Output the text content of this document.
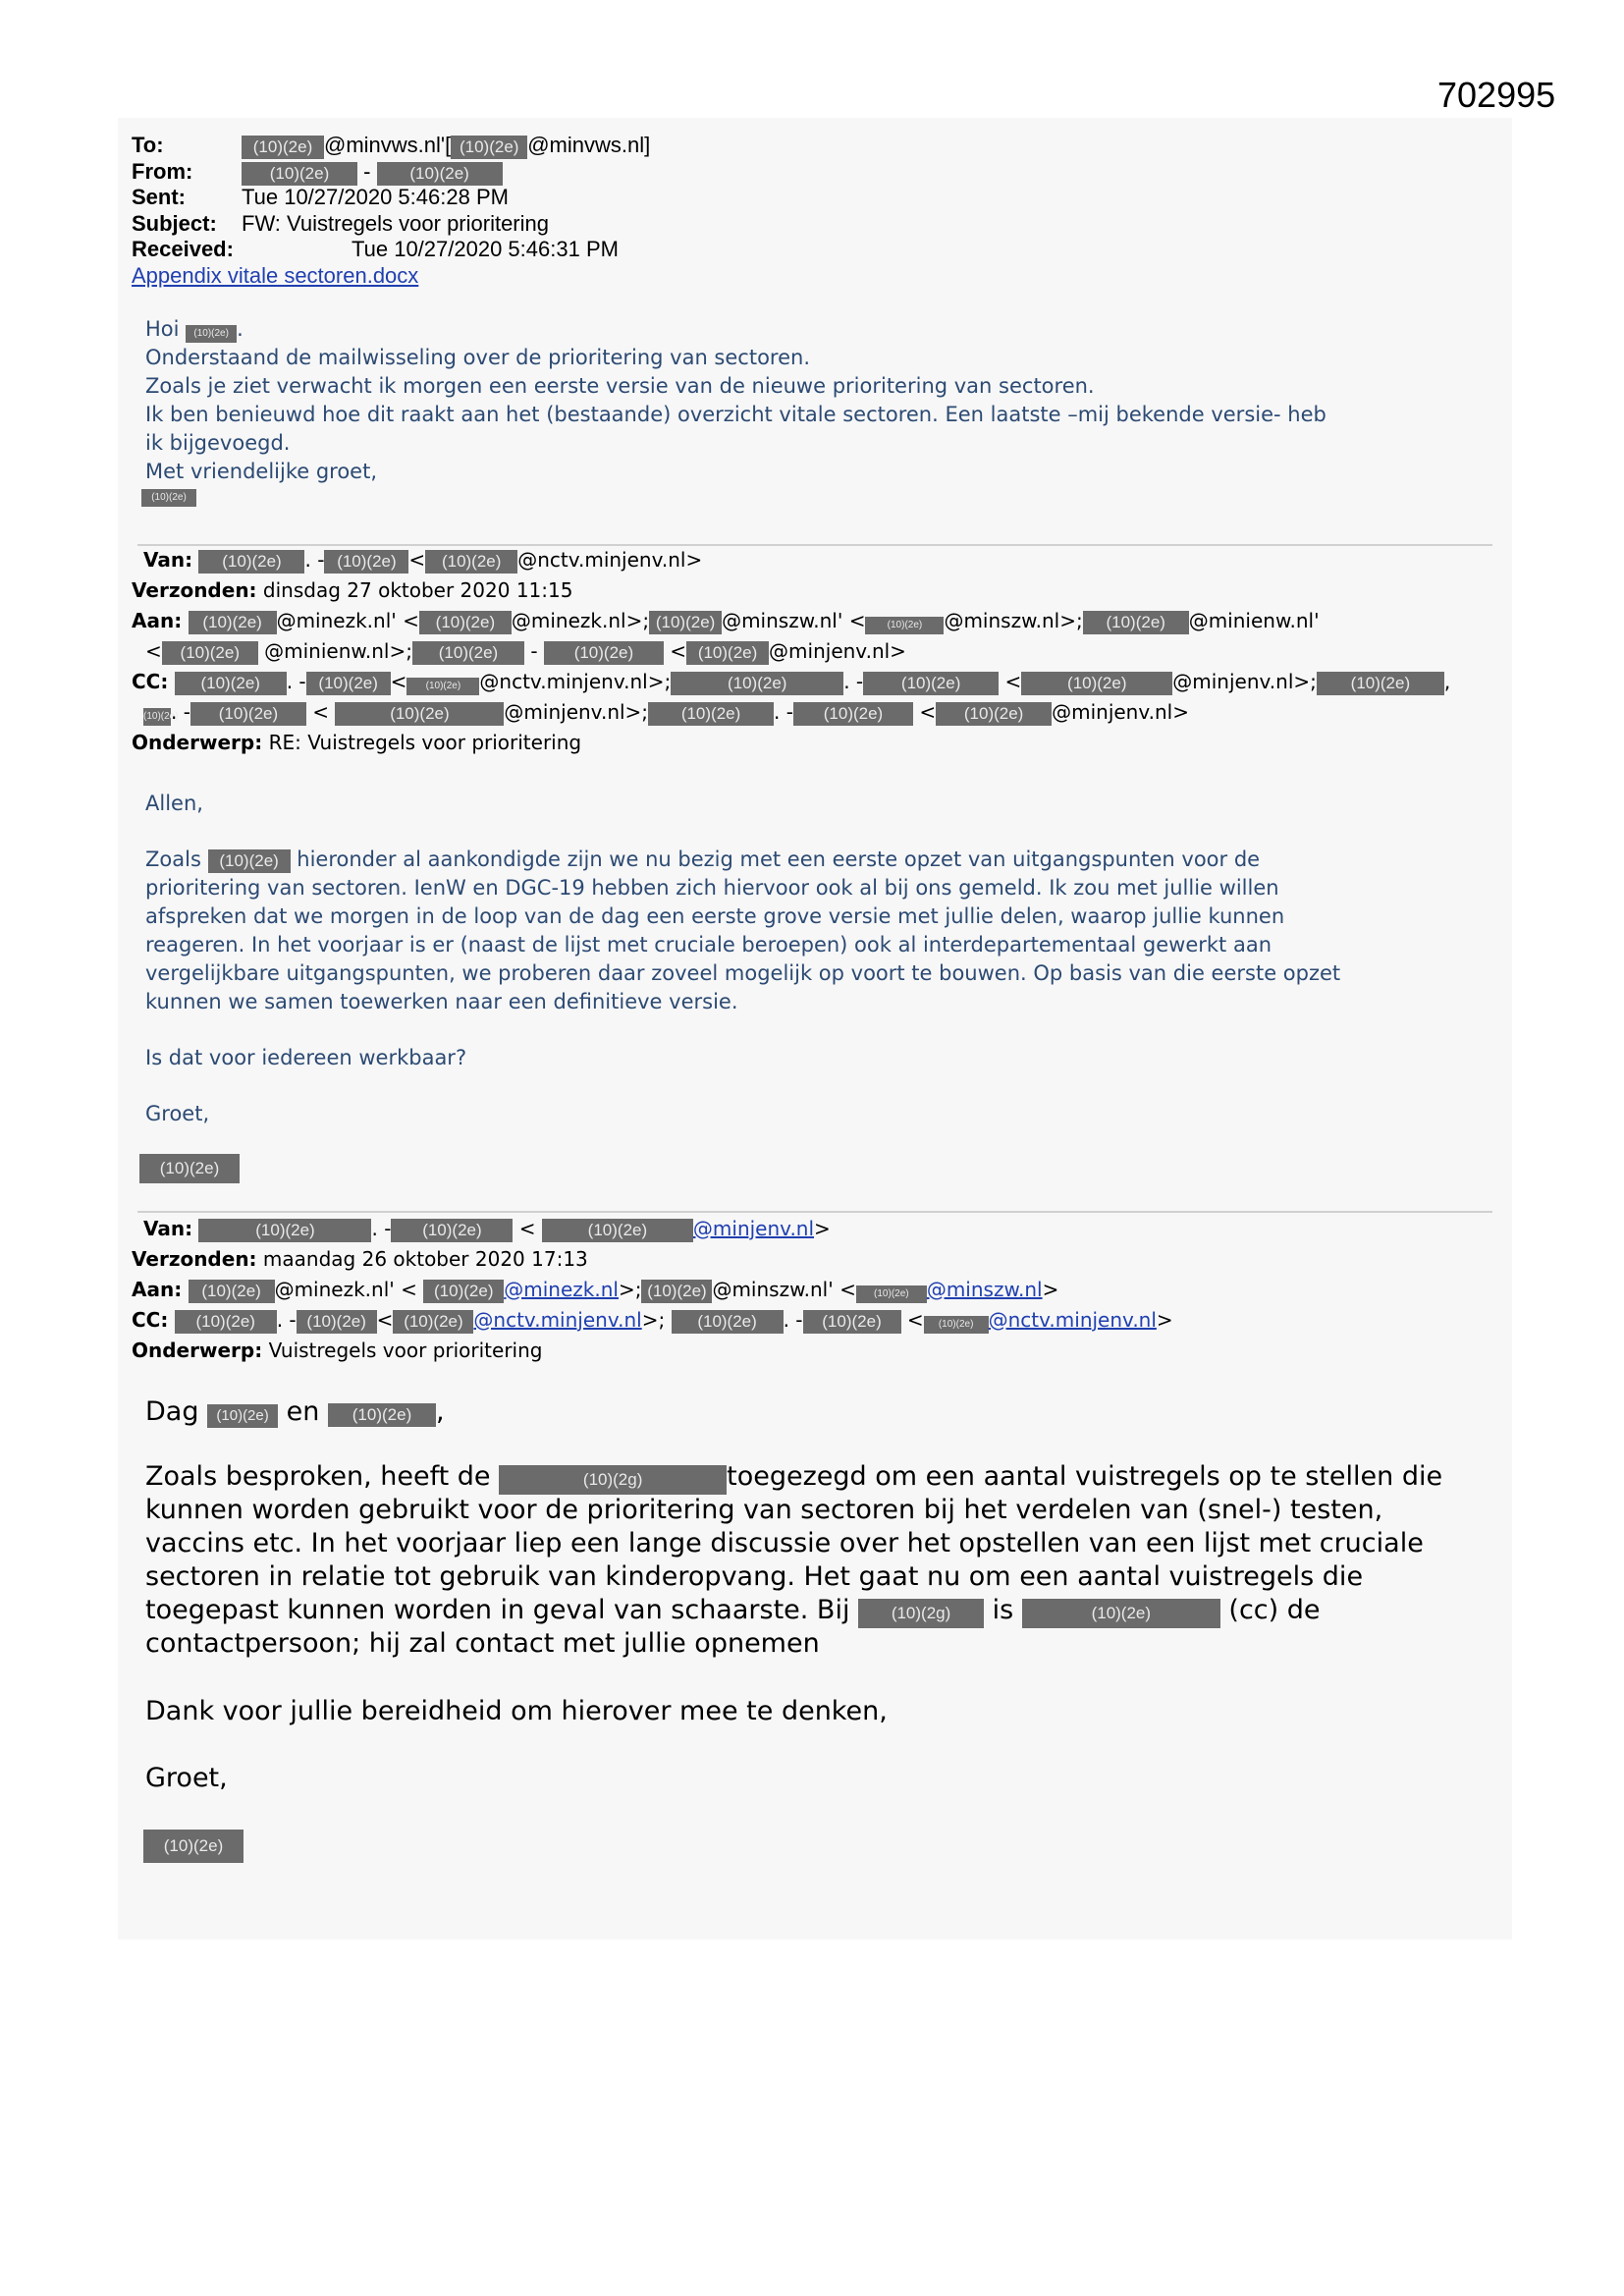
702995
To:	(10)(2e) @minvws.nl'[ (10)(2e) @minvws.nl]
From:	(10)(2e) - (10)(2e)
Sent:	Tue 10/27/2020 5:46:28 PM
Subject: FW: Vuistregels voor prioritering
Received:	Tue 10/27/2020 5:46:31 PM
Appendix vitale sectoren.docx
Hoi (10)(2e) .
Onderstaand de mailwisseling over de prioritering van sectoren.
Zoals je ziet verwacht ik morgen een eerste versie van de nieuwe prioritering van sectoren.
Ik ben benieuwd hoe dit raakt aan het (bestaande) overzicht vitale sectoren. Een laatste –mij bekende versie- heb
ik bijgevoegd.
Met vriendelijke groet,
(10)(2e)
Van: (10)(2e) . - (10)(2e) < (10)(2e) @nctv.minjenv.nl>
Verzonden: dinsdag 27 oktober 2020 11:15
Aan: (10)(2e) @minezk.nl' < (10)(2e) @minezk.nl>; (10)(2e) @minszw.nl' < (10)(2e) @minszw.nl>; (10)(2e) @minienw.nl'
< (10)(2e) @minienw.nl>; (10)(2e) - (10)(2e) < (10)(2e) @minjenv.nl>
CC: (10)(2e) . - (10)(2e) < (10)(2e) @nctv.minjenv.nl>;	(10)(2e)	. - (10)(2e) <	(10)(2e) @minjenv.nl>; (10)(2e) ,
(10)(2e). - (10)(2e) <	(10)(2e)	@minjenv.nl>; (10)(2e) . - (10)(2e) < (10)(2e) @minjenv.nl>
Onderwerp: RE: Vuistregels voor prioritering
Allen,
Zoals (10)(2e) hieronder al aankondigde zijn we nu bezig met een eerste opzet van uitgangspunten voor de
prioritering van sectoren. IenW en DGC-19 hebben zich hiervoor ook al bij ons gemeld. Ik zou met jullie willen
afspreken dat we morgen in de loop van de dag een eerste grove versie met jullie delen, waarop jullie kunnen
reageren. In het voorjaar is er (naast de lijst met cruciale beroepen) ook al interdepartementaal gewerkt aan
vergelijkbare uitgangspunten, we proberen daar zoveel mogelijk op voort te bouwen. Op basis van die eerste opzet
kunnen we samen toewerken naar een definitieve versie.
Is dat voor iedereen werkbaar?
Groet,
(10)(2e)
Van:	(10)(2e)	. - (10)(2e) <	(10)(2e) @minjenv.nl>
Verzonden: maandag 26 oktober 2020 17:13
Aan: (10)(2e) @minezk.nl' < (10)(2e) @minezk.nl>; (10)(2e) @minszw.nl' < (10)(2e) @minszw.nl>
CC: (10)(2e) . - (10)(2e) < (10)(2e) @nctv.minjenv.nl>; (10)(2e) . - (10)(2e) < (10)(2e) @nctv.minjenv.nl>
Onderwerp: Vuistregels voor prioritering
Dag (10)(2e) en (10)(2e) ,
Zoals besproken, heeft de	(10)(2g)	toegezegd om een aantal vuistregels op te stellen die
kunnen worden gebruikt voor de prioritering van sectoren bij het verdelen van (snel-) testen,
vaccins etc. In het voorjaar liep een lange discussie over het opstellen van een lijst met cruciale
sectoren in relatie tot gebruik van kinderopvang. Het gaat nu om een aantal vuistregels die
toegepast kunnen worden in geval van schaarste. Bij (10)(2g) is	(10)(2e)	(cc) de
contactpersoon; hij zal contact met jullie opnemen
Dank voor jullie bereidheid om hierover mee te denken,
Groet,
(10)(2e)
